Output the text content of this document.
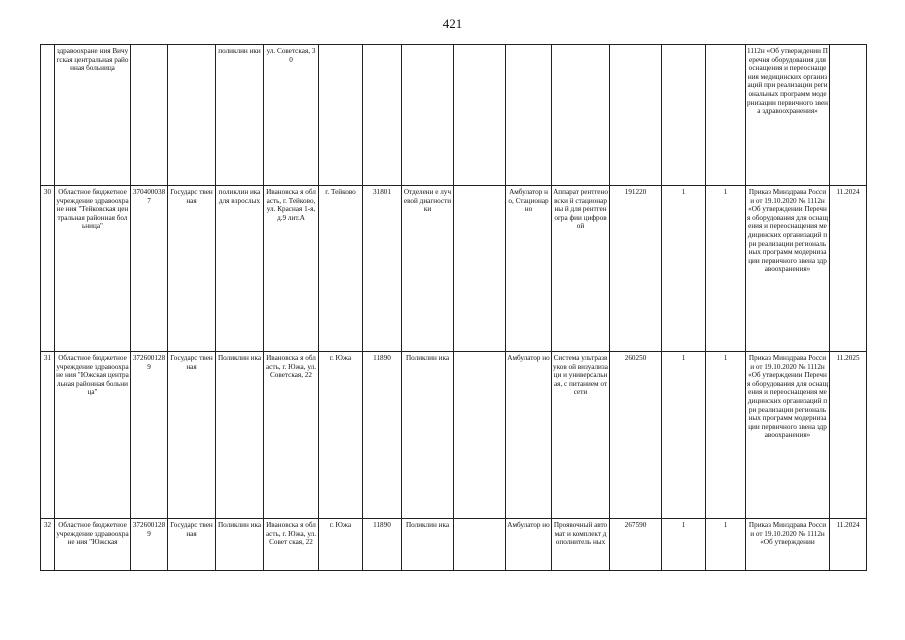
421
	здравоохране ния Вичугская центральная районная больница			поликлин ики	ул. Советская, 30										1112н «Об утверждении Перечня оборудования для оснащения и переоснащения медицинских организаций при реализации региональных программ модернизации первичного звена здравоохранения»	
30	Областное бюджетное учреждение здравоохране ния "Тейковская центральная районная больница"	3704000387	Государс твенная	поликлин ика для взрослых	Ивановска я область, г. Тейково, ул. Красная 1-я, д.9 лит.А	г. Тейково	31801	Отделени е лучевой диагности ки		Амбулатор но, Стационар но	Аппарат рентгеновски й стационарны й для рентгеногра фии цифровой	191220	1	1	Приказ Минздрава России от 19.10.2020 № 1112н «Об утверждении Перечня оборудования для оснащения и переоснащения медицинских организаций при реализации региональных программ модернизации первичного звена здравоохранения»	11.2024
31	Областное бюджетное учреждение здравоохране ния "Южская центральная районная больница"	3726001289	Государс твенная	Поликлин ика	Ивановска я область, г. Южа, ул. Советская, 22	г. Южа	11890	Поликлин ика		Амбулатор но	Система ультразвуков ой визуализаци и универсальн ая, с питанием от сети	260250	1	1	Приказ Минздрава России от 19.10.2020 № 1112н «Об утверждении Перечня оборудования для оснащения и переоснащения медицинских организаций при реализации региональных программ модернизации первичного звена здравоохранения»	11.2025
32	Областное бюджетное учреждение здравоохране ния "Южская	3726001289	Государс твенная	Поликлин ика	Ивановска я область, г. Южа, ул.Совет ская, 22	г. Южа	11890	Поликлин ика		Амбулатор но	Проявочный автомат и комплект дополнитель ных	267590	1	1	Приказ Минздрава России от 19.10.2020 № 1112н «Об утверждении	11.2024
